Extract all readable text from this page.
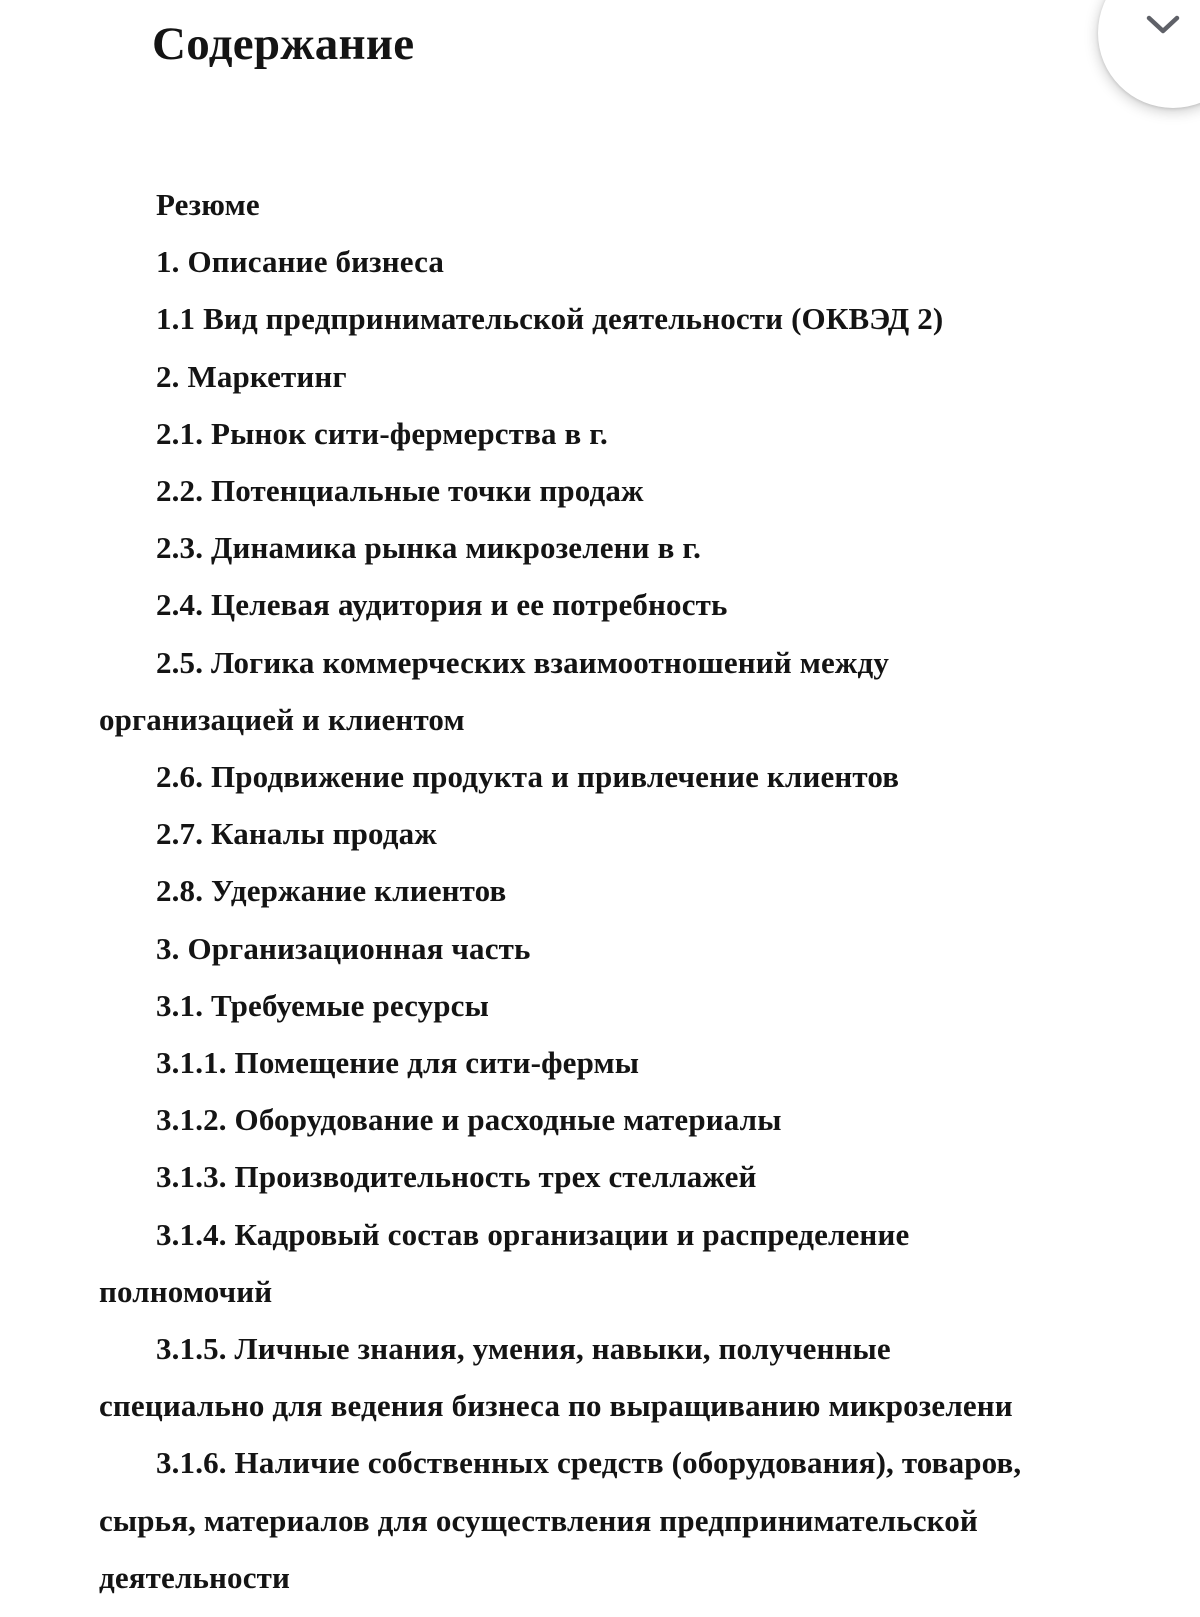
Содержание
Резюме
1. Описание бизнеса
1.1 Вид предпринимательской деятельности (ОКВЭД 2)
2. Маркетинг
2.1. Рынок сити-фермерства в г.
2.2. Потенциальные точки продаж
2.3. Динамика рынка микрозелени в г.
2.4. Целевая аудитория и ее потребность
2.5. Логика коммерческих взаимоотношений между
организацией и клиентом
2.6. Продвижение продукта и привлечение клиентов
2.7. Каналы продаж
2.8. Удержание клиентов
3. Организационная часть
3.1. Требуемые ресурсы
3.1.1. Помещение для сити-фермы
3.1.2. Оборудование и расходные материалы
3.1.3. Производительность трех стеллажей
3.1.4. Кадровый состав организации и распределение
полномочий
3.1.5. Личные знания, умения, навыки, полученные
специально для ведения бизнеса по выращиванию микрозелени
3.1.6. Наличие собственных средств (оборудования), товаров,
сырья, материалов для осуществления предпринимательской
деятельности
